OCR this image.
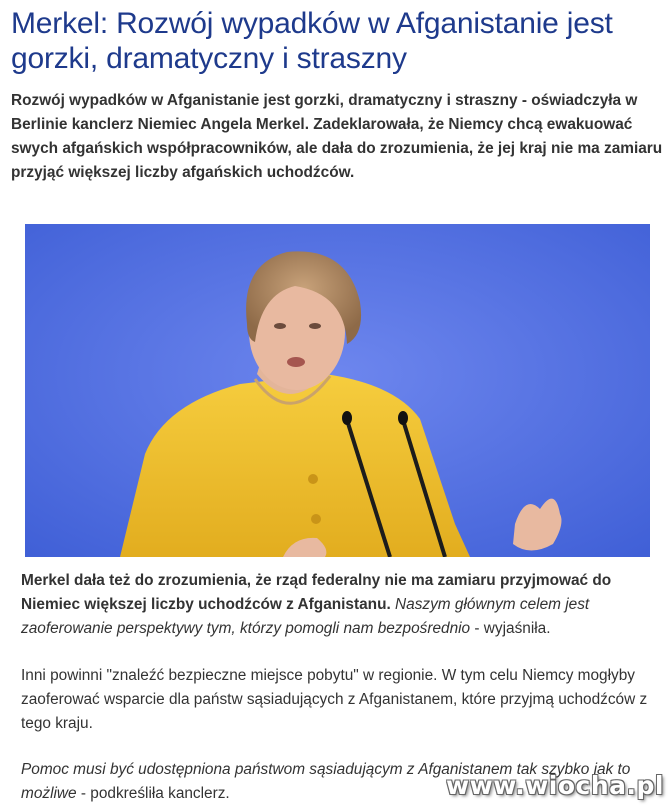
Merkel: Rozwój wypadków w Afganistanie jest gorzki, dramatyczny i straszny

Rozwój wypadków w Afganistanie jest gorzki, dramatyczny i straszny - oświadczyła w Berlinie kanclerz Niemiec Angela Merkel. Zadeklarowała, że Niemcy chcą ewakuować swych afgańskich współpracowników, ale dała do zrozumienia, że jej kraj nie ma zamiaru przyjąć większej liczby afgańskich uchodźców.

Merkel dała też do zrozumienia, że rząd federalny nie ma zamiaru przyjmować do Niemiec większej liczby uchodźców z Afganistanu. Naszym głównym celem jest zaoferowanie perspektywy tym, którzy pomogli nam bezpośrednio - wyjaśniła.

Inni powinni "znaleźć bezpieczne miejsce pobytu" w regionie. W tym celu Niemcy mogłyby zaoferować wsparcie dla państw sąsiadujących z Afganistanem, które przyjmą uchodźców z tego kraju.

Pomoc musi być udostępniona państwom sąsiadującym z Afganistanem tak szybko jak to możliwe - podkreśliła kanclerz.	www.wiocha.pl
